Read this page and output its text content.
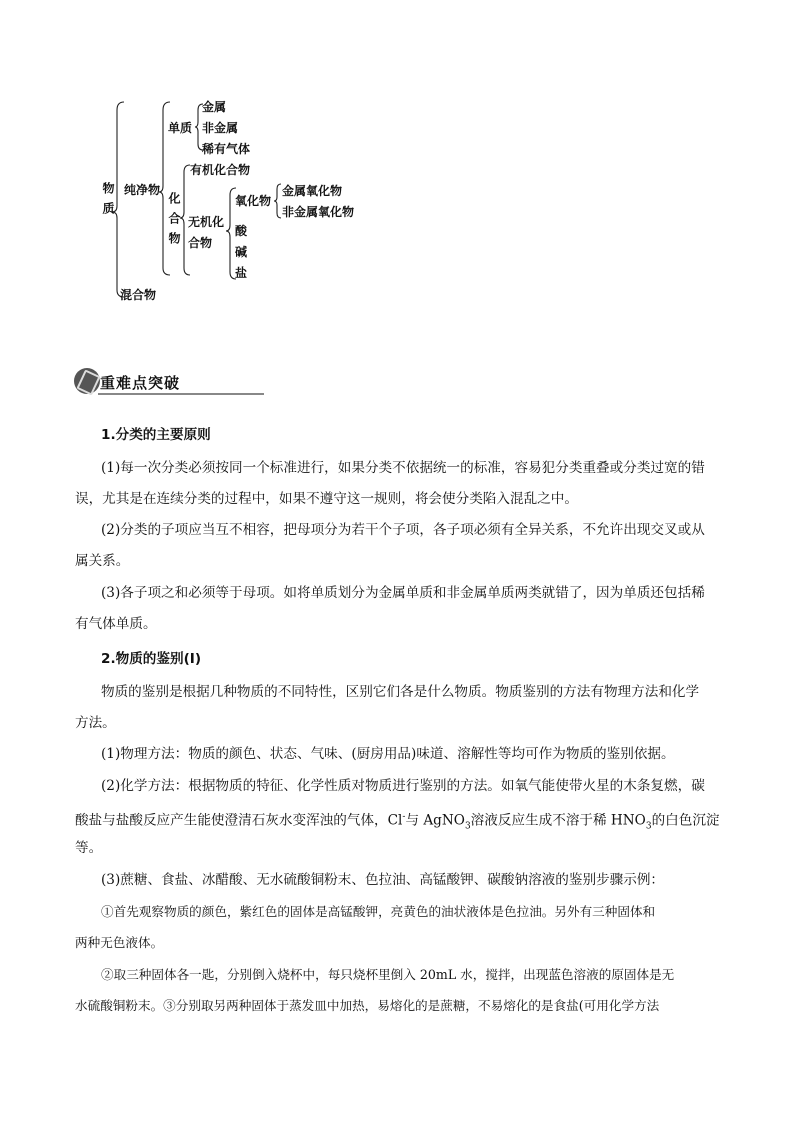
物质 纯净物
混合物
单质
金属
非金属
稀有气体
化合物
有机化合物
无机化
合物
氧化物
金属氧化物
非金属氧化物
酸
碱
盐
重难点突破
1.分类的主要原则
(1)每一次分类必须按同一个标准进行，如果分类不依据统一的标准，容易犯分类重叠或分类过宽的错
误，尤其是在连续分类的过程中，如果不遵守这一规则，将会使分类陷入混乱之中。
(2)分类的子项应当互不相容，把母项分为若干个子项，各子项必须有全异关系，不允许出现交叉或从
属关系。
(3)各子项之和必须等于母项。如将单质划分为金属单质和非金属单质两类就错了，因为单质还包括稀
有气体单质。
2.物质的鉴别(I)
物质的鉴别是根据几种物质的不同特性，区别它们各是什么物质。物质鉴别的方法有物理方法和化学
方法。
(1)物理方法：物质的颜色、状态、气味、(厨房用品)味道、溶解性等均可作为物质的鉴别依据。
(2)化学方法：根据物质的特征、化学性质对物质进行鉴别的方法。如氧气能使带火星的木条复燃，碳
酸盐与盐酸反应产生能使澄清石灰水变浑浊的气体，Cl-与 AgNO$_3$溶液反应生成不溶于稀 $HNO_3$的白色沉淀
等。
(3)蔗糖、食盐、冰醋酸、无水硫酸铜粉末、色拉油、高锰酸钾、碳酸钠溶液的鉴别步骤示例：
①首先观察物质的颜色，紫红色的固体是高锰酸钾，亮黄色的油状液体是色拉油。另外有三种固体和
两种无色液体。
②取三种固体各一匙，分别倒入烧杯中，每只烧杯里倒入 20mL 水，搅拌，出现蓝色溶液的原固体是无
水硫酸铜粉末。③分别取另两种固体于蒸发皿中加热，易熔化的是蔗糖，不易熔化的是食盐(可用化学方法
